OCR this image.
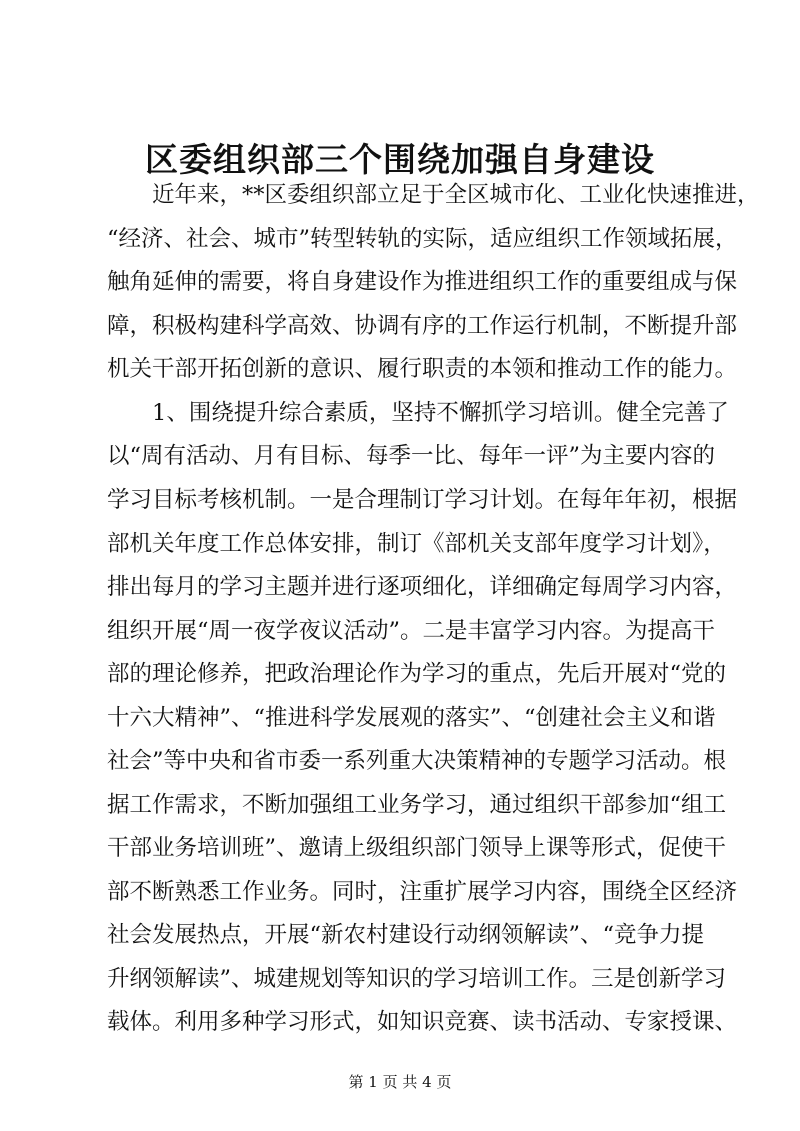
区委组织部三个围绕加强自身建设

　　近年来，**区委组织部立足于全区城市化、工业化快速推进，

“经济、社会、城市”转型转轨的实际，适应组织工作领域拓展，

触角延伸的需要，将自身建设作为推进组织工作的重要组成与保

障，积极构建科学高效、协调有序的工作运行机制，不断提升部

机关干部开拓创新的意识、履行职责的本领和推动工作的能力。

　　1、围绕提升综合素质，坚持不懈抓学习培训。健全完善了

以“周有活动、月有目标、每季一比、每年一评”为主要内容的

学习目标考核机制。一是合理制订学习计划。在每年年初，根据

部机关年度工作总体安排，制订《部机关支部年度学习计划》，

排出每月的学习主题并进行逐项细化，详细确定每周学习内容，

组织开展“周一夜学夜议活动”。二是丰富学习内容。为提高干

部的理论修养，把政治理论作为学习的重点，先后开展对“党的

十六大精神”、“推进科学发展观的落实”、“创建社会主义和谐

社会”等中央和省市委一系列重大决策精神的专题学习活动。根

据工作需求，不断加强组工业务学习，通过组织干部参加“组工

干部业务培训班”、邀请上级组织部门领导上课等形式，促使干

部不断熟悉工作业务。同时，注重扩展学习内容，围绕全区经济

社会发展热点，开展“新农村建设行动纲领解读”、“竞争力提

升纲领解读”、城建规划等知识的学习培训工作。三是创新学习

载体。利用多种学习形式，如知识竞赛、读书活动、专家授课、

第 1 页 共 4 页
